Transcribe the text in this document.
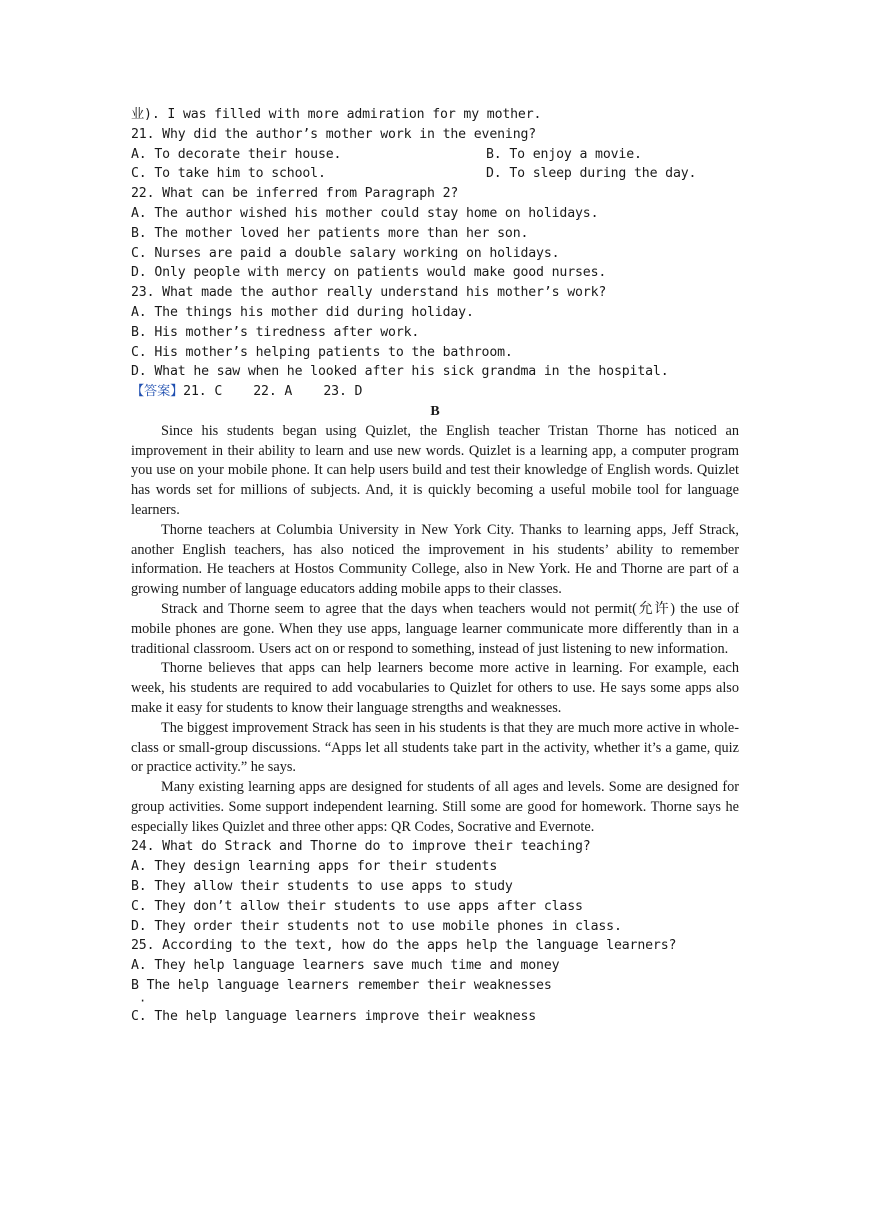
业). I was filled with more admiration for my mother.
21. Why did the author’s mother work in the evening?
A. To decorate their house.	B. To enjoy a movie.
C. To take him to school.	D. To sleep during the day.
22. What can be inferred from Paragraph 2?
A. The author wished his mother could stay home on holidays.
B. The mother loved her patients more than her son.
C. Nurses are paid a double salary working on holidays.
D. Only people with mercy on patients would make good nurses.
23. What made the author really understand his mother’s work?
A. The things his mother did during holiday.
B. His mother’s tiredness after work.
C. His mother’s helping patients to the bathroom.
D. What he saw when he looked after his sick grandma in the hospital.
【答案】21. C    22. A    23. D
B

Since his students began using Quizlet, the English teacher Tristan Thorne has noticed an improvement in their ability to learn and use new words. Quizlet is a learning app, a computer program you use on your mobile phone. It can help users build and test their knowledge of English words. Quizlet has words set for millions of subjects. And, it is quickly becoming a useful mobile tool for language learners.

Thorne teachers at Columbia University in New York City. Thanks to learning apps, Jeff Strack, another English teachers, has also noticed the improvement in his students’ ability to remember information. He teachers at Hostos Community College, also in New York. He and Thorne are part of a growing number of language educators adding mobile apps to their classes.

Strack and Thorne seem to agree that the days when teachers would not permit(允许) the use of mobile phones are gone. When they use apps, language learner communicate more differently than in a traditional classroom. Users act on or respond to something, instead of just listening to new information.

Thorne believes that apps can help learners become more active in learning. For example, each week, his students are required to add vocabularies to Quizlet for others to use. He says some apps also make it easy for students to know their language strengths and weaknesses.

The biggest improvement Strack has seen in his students is that they are much more active in whole-class or small-group discussions. “Apps let all students take part in the activity, whether it’s a game, quiz or practice activity.” he says.

Many existing learning apps are designed for students of all ages and levels. Some are designed for group activities. Some support independent learning. Still some are good for homework. Thorne says he especially likes Quizlet and three other apps: QR Codes, Socrative and Evernote.

24. What do Strack and Thorne do to improve their teaching?
A. They design learning apps for their students
B. They allow their students to use apps to study
C. They don’t allow their students to use apps after class
D. They order their students not to use mobile phones in class.
25. According to the text, how do the apps help the language learners?
A. They help language learners save much time and money
B The help language learners remember their weaknesses
·
C. The help language learners improve their weakness
